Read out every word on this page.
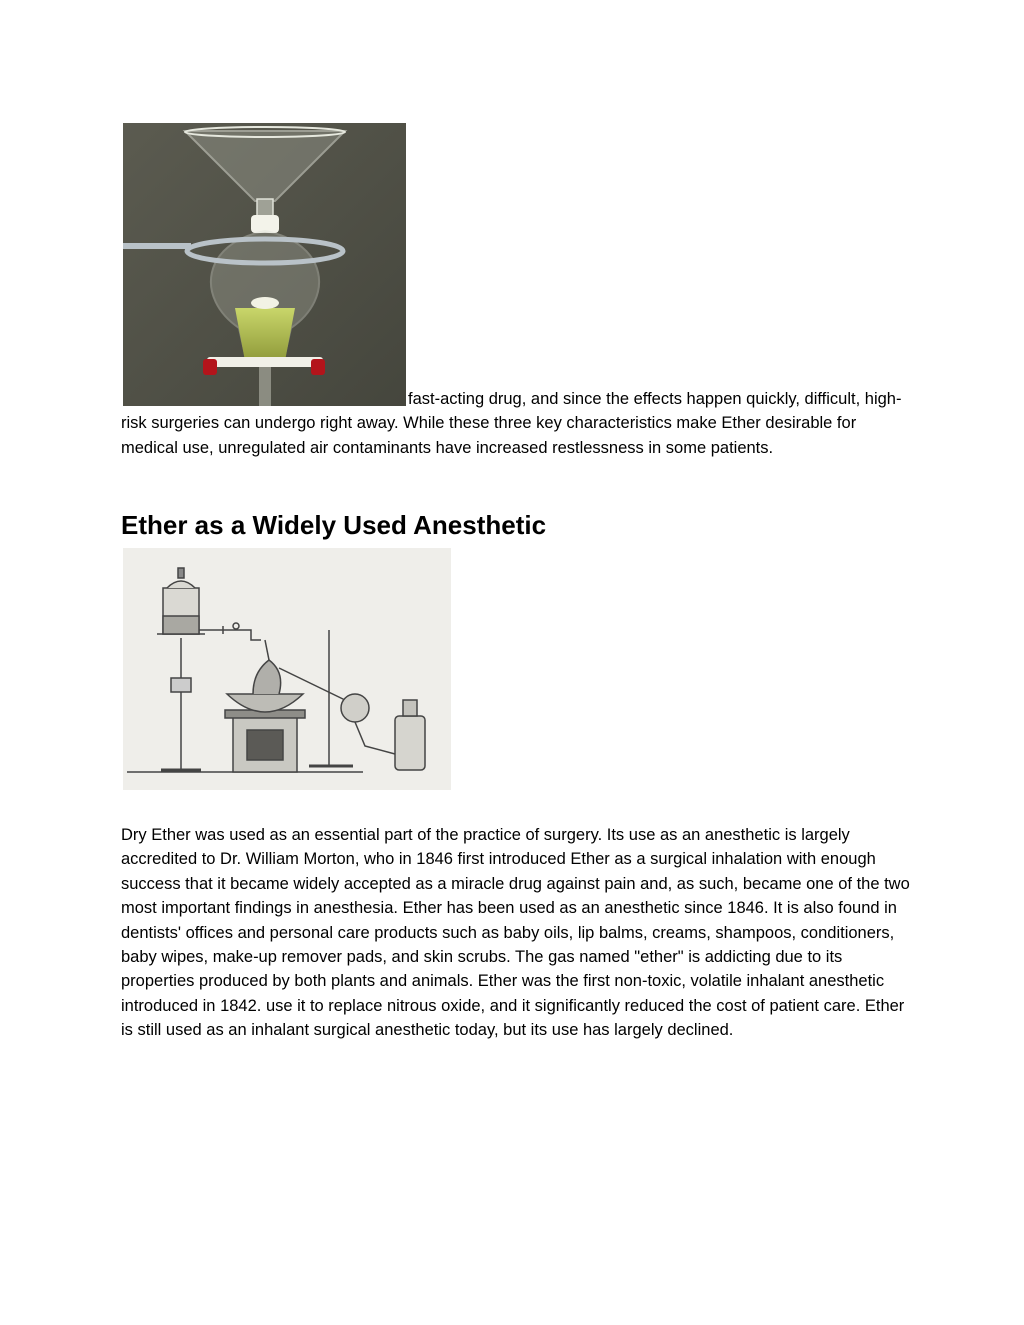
fast-acting drug, and since the effects happen quickly, difficult, high-risk surgeries can undergo right away. While these three key characteristics make Ether desirable for medical use, unregulated air contaminants have increased restlessness in some patients.

Ether as a Widely Used Anesthetic

Dry Ether was used as an essential part of the practice of surgery. Its use as an anesthetic is largely accredited to Dr. William Morton, who in 1846 first introduced Ether as a surgical inhalation with enough success that it became widely accepted as a miracle drug against pain and, as such, became one of the two most important findings in anesthesia. Ether has been used as an anesthetic since 1846. It is also found in dentists' offices and personal care products such as baby oils, lip balms, creams, shampoos, conditioners, baby wipes, make-up remover pads, and skin scrubs. The gas named "ether" is addicting due to its properties produced by both plants and animals. Ether was the first non-toxic, volatile inhalant anesthetic introduced in 1842. use it to replace nitrous oxide, and it significantly reduced the cost of patient care. Ether is still used as an inhalant surgical anesthetic today, but its use has largely declined.
